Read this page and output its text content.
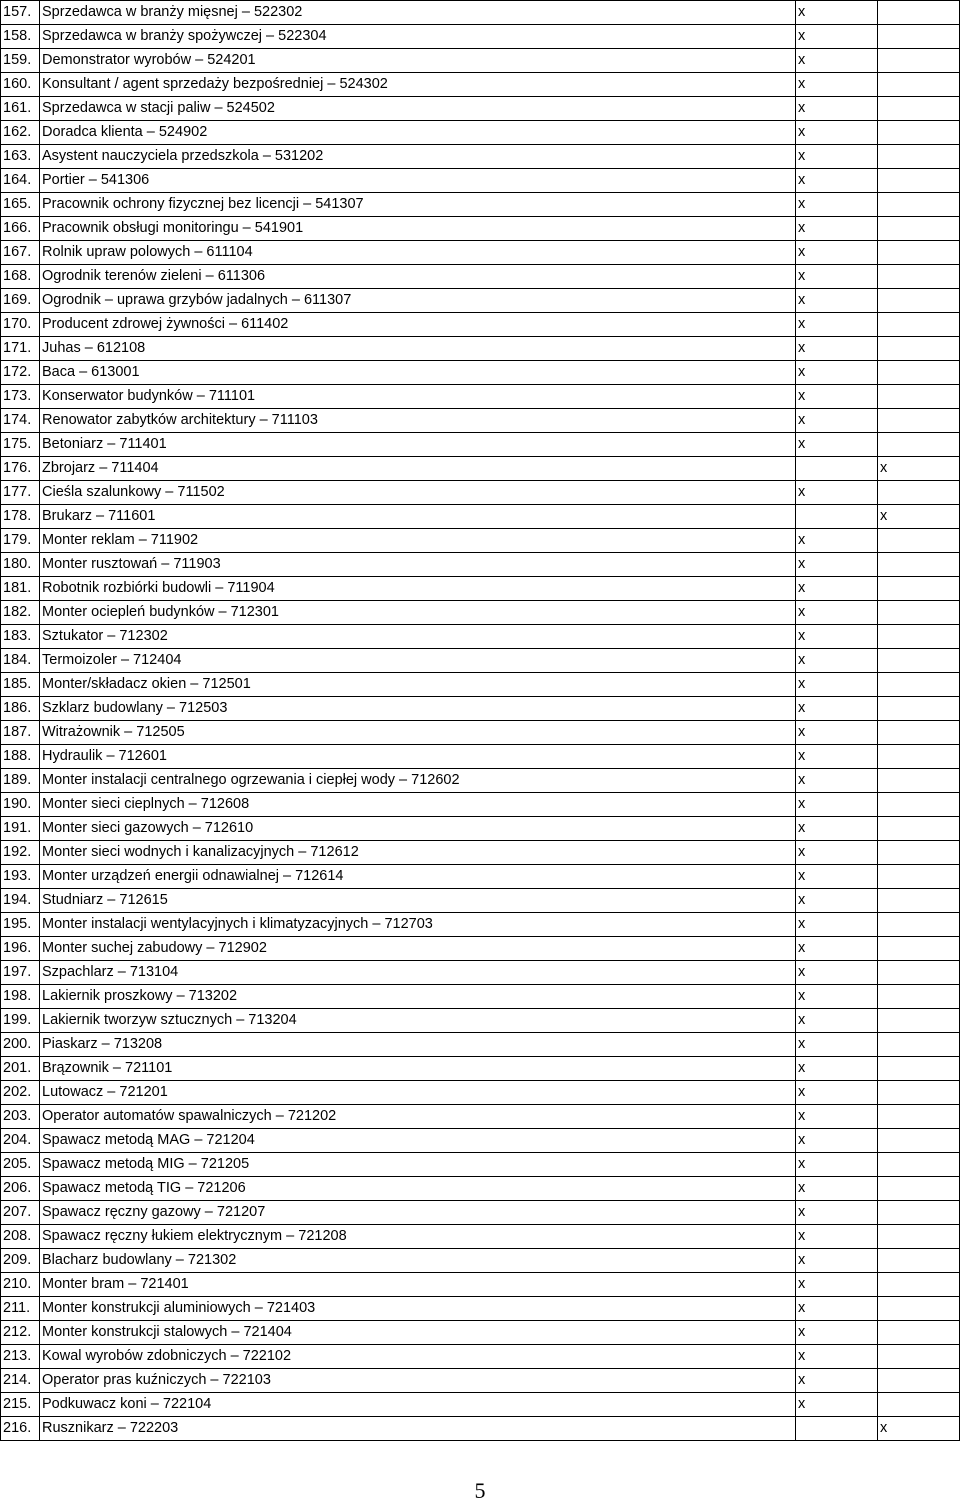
157.	Sprzedawca w branży mięsnej – 522302	x	
158.	Sprzedawca w branży spożywczej – 522304	x	
159.	Demonstrator wyrobów – 524201	x	
160.	Konsultant / agent sprzedaży bezpośredniej – 524302	x	
161.	Sprzedawca w stacji paliw – 524502	x	
162.	Doradca klienta – 524902	x	
163.	Asystent nauczyciela przedszkola – 531202	x	
164.	Portier – 541306	x	
165.	Pracownik ochrony fizycznej bez licencji – 541307	x	
166.	Pracownik obsługi monitoringu – 541901	x	
167.	Rolnik upraw polowych – 611104	x	
168.	Ogrodnik terenów zieleni – 611306	x	
169.	Ogrodnik – uprawa grzybów jadalnych – 611307	x	
170.	Producent zdrowej żywności – 611402	x	
171.	Juhas – 612108	x	
172.	Baca – 613001	x	
173.	Konserwator budynków – 711101	x	
174.	Renowator zabytków architektury – 711103	x	
175.	Betoniarz – 711401	x	
176.	Zbrojarz – 711404		x
177.	Cieśla szalunkowy – 711502	x	
178.	Brukarz – 711601		x
179.	Monter reklam – 711902	x	
180.	Monter rusztowań – 711903	x	
181.	Robotnik rozbiórki budowli – 711904	x	
182.	Monter ociepleń budynków – 712301	x	
183.	Sztukator – 712302	x	
184.	Termoizoler – 712404	x	
185.	Monter/składacz okien – 712501	x	
186.	Szklarz budowlany – 712503	x	
187.	Witrażownik – 712505	x	
188.	Hydraulik – 712601	x	
189.	Monter instalacji centralnego ogrzewania i ciepłej wody – 712602	x	
190.	Monter sieci cieplnych – 712608	x	
191.	Monter sieci gazowych – 712610	x	
192.	Monter sieci wodnych i kanalizacyjnych – 712612	x	
193.	Monter urządzeń energii odnawialnej – 712614	x	
194.	Studniarz – 712615	x	
195.	Monter instalacji wentylacyjnych i klimatyzacyjnych – 712703	x	
196.	Monter suchej zabudowy – 712902	x	
197.	Szpachlarz – 713104	x	
198.	Lakiernik proszkowy – 713202	x	
199.	Lakiernik tworzyw sztucznych – 713204	x	
200.	Piaskarz – 713208	x	
201.	Brązownik – 721101	x	
202.	Lutowacz – 721201	x	
203.	Operator automatów spawalniczych – 721202	x	
204.	Spawacz metodą MAG – 721204	x	
205.	Spawacz metodą MIG – 721205	x	
206.	Spawacz metodą TIG – 721206	x	
207.	Spawacz ręczny gazowy – 721207	x	
208.	Spawacz ręczny łukiem elektrycznym – 721208	x	
209.	Blacharz budowlany – 721302	x	
210.	Monter bram – 721401	x	
211.	Monter konstrukcji aluminiowych – 721403	x	
212.	Monter konstrukcji stalowych – 721404	x	
213.	Kowal wyrobów zdobniczych – 722102	x	
214.	Operator pras kuźniczych – 722103	x	
215.	Podkuwacz koni – 722104	x	
216.	Rusznikarz – 722203		x
5
